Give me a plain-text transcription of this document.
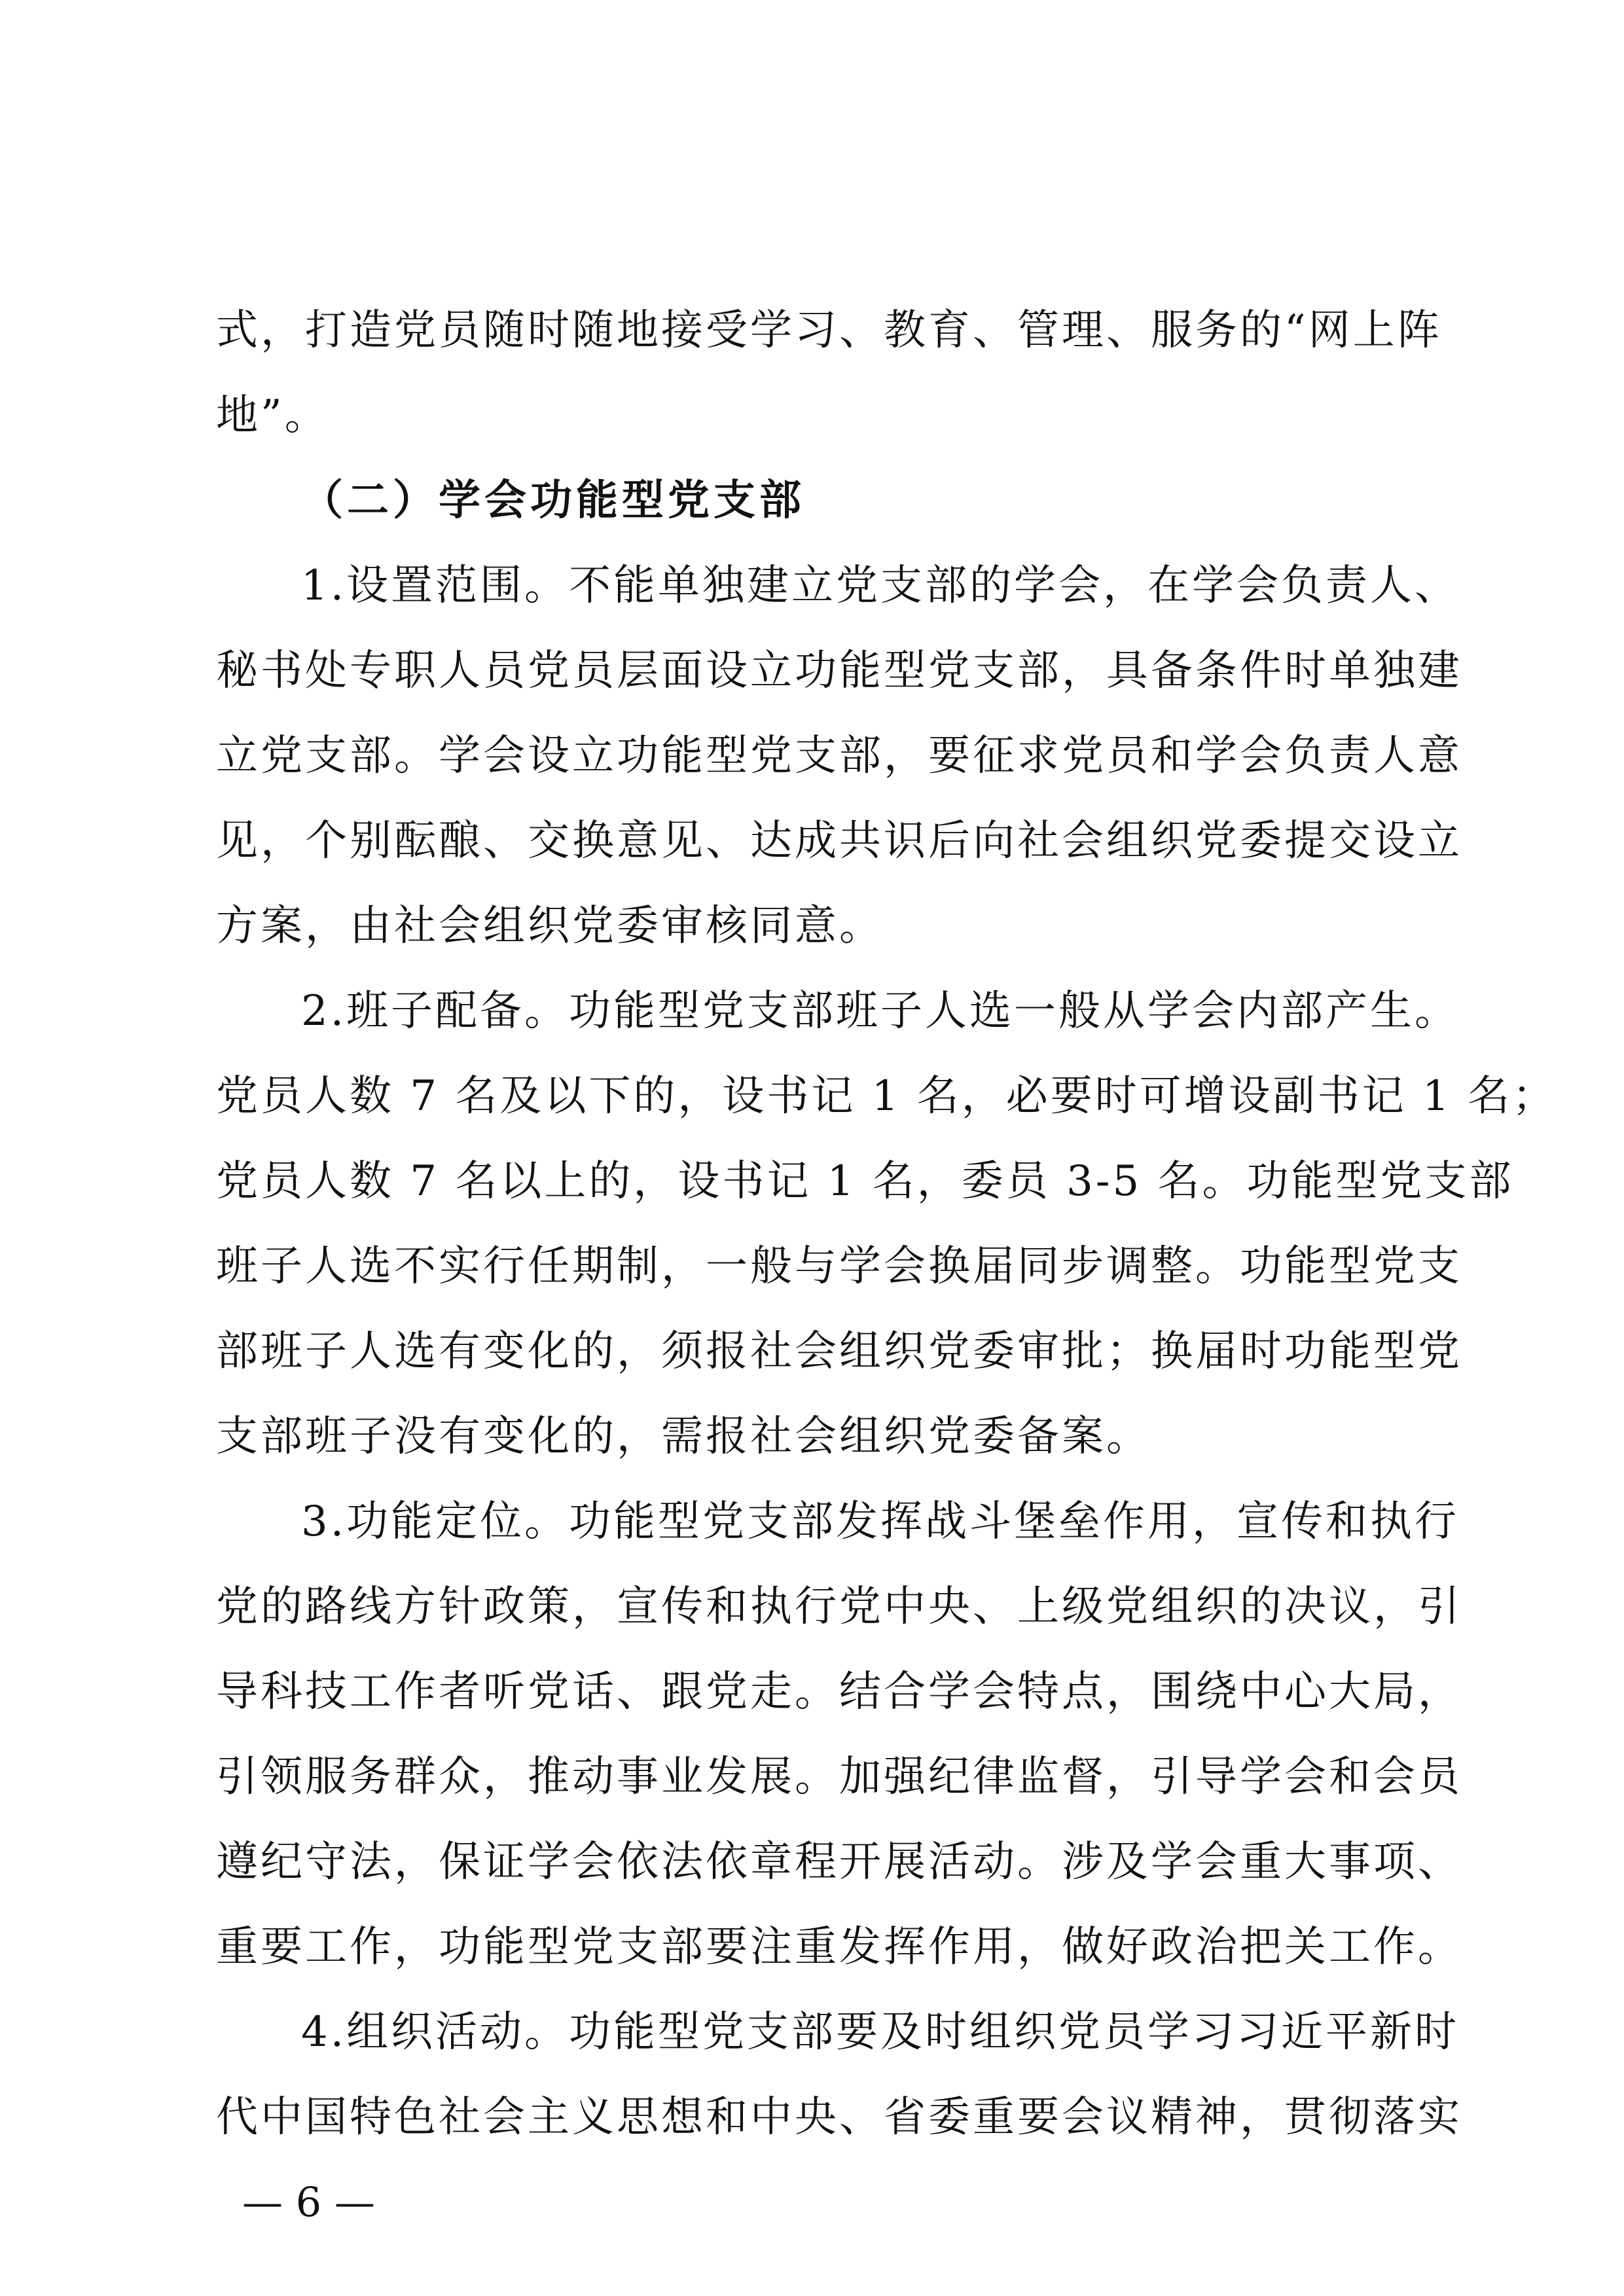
式，打造党员随时随地接受学习、教育、管理、服务的“网上阵

地”。

（二）学会功能型党支部

1.设置范围。不能单独建立党支部的学会，在学会负责人、

秘书处专职人员党员层面设立功能型党支部，具备条件时单独建

立党支部。学会设立功能型党支部，要征求党员和学会负责人意

见，个别酝酿、交换意见、达成共识后向社会组织党委提交设立

方案，由社会组织党委审核同意。

2.班子配备。功能型党支部班子人选一般从学会内部产生。

党员人数 7 名及以下的，设书记 1 名，必要时可增设副书记 1 名；

党员人数 7 名以上的，设书记 1 名，委员 3-5 名。功能型党支部

班子人选不实行任期制，一般与学会换届同步调整。功能型党支

部班子人选有变化的，须报社会组织党委审批；换届时功能型党

支部班子没有变化的，需报社会组织党委备案。

3.功能定位。功能型党支部发挥战斗堡垒作用，宣传和执行

党的路线方针政策，宣传和执行党中央、上级党组织的决议，引

导科技工作者听党话、跟党走。结合学会特点，围绕中心大局，

引领服务群众，推动事业发展。加强纪律监督，引导学会和会员

遵纪守法，保证学会依法依章程开展活动。涉及学会重大事项、

重要工作，功能型党支部要注重发挥作用，做好政治把关工作。

4.组织活动。功能型党支部要及时组织党员学习习近平新时

代中国特色社会主义思想和中央、省委重要会议精神，贯彻落实

— 6 —
